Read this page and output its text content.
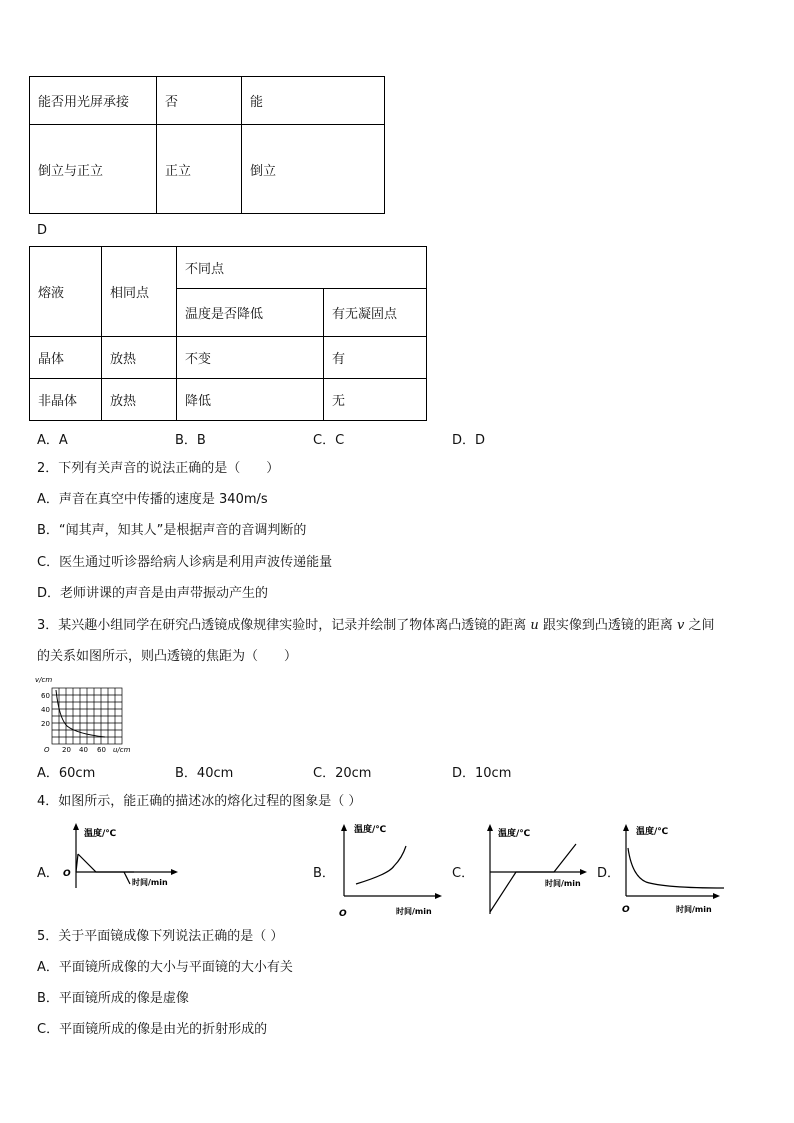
能否用光屏承接	否	能
倒立与正立	正立	倒立
D
熔液	相同点	不同点	
		温度是否降低	有无凝固点
晶体	放热	不变	有
非晶体	放热	降低	无
A．A	B．B	C．C	D．D
2．下列有关声音的说法正确的是（　　）
A．声音在真空中传播的速度是 340m/s
B．“闻其声，知其人”是根据声音的音调判断的
C．医生通过听诊器给病人诊病是利用声波传递能量
D．老师讲课的声音是由声带振动产生的
3．某兴趣小组同学在研究凸透镜成像规律实验时，记录并绘制了物体离凸透镜的距离 u 跟实像到凸透镜的距离 v 之间
的关系如图所示，则凸透镜的焦距为（　　）
v/cm
60
40
20
O 20 40 60 u/cm
A．60cm	B．40cm	C．20cm	D．10cm
4．如图所示，能正确的描述冰的熔化过程的图象是（ ）
A．
温度/℃
O
时间/min
B．
温度/℃
O	时间/min
C．
温度/℃
时间/min
D．
温度/℃
O	时间/min
5．关于平面镜成像下列说法正确的是（ ）
A．平面镜所成像的大小与平面镜的大小有关
B．平面镜所成的像是虚像
C．平面镜所成的像是由光的折射形成的
